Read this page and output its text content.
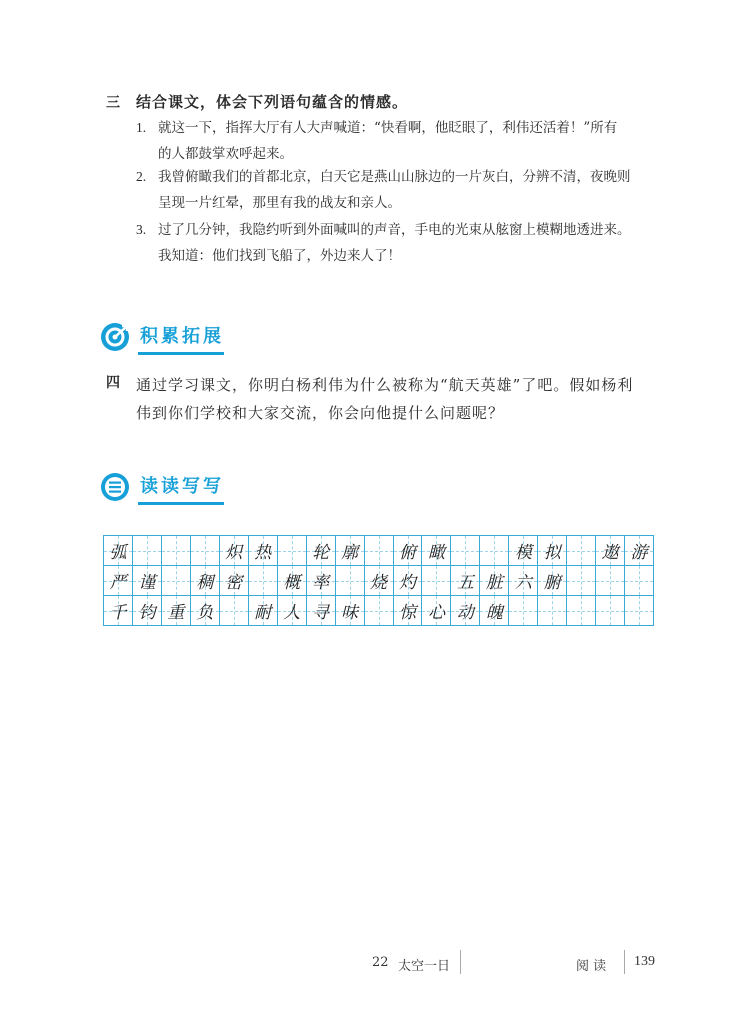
三 结合课文，体会下列语句蕴含的情感。
1. 就这一下，指挥大厅有人大声喊道：“快看啊，他眨眼了，利伟还活着！”所有
的人都鼓掌欢呼起来。
2. 我曾俯瞰我们的首都北京，白天它是燕山山脉边的一片灰白，分辨不清，夜晚则
呈现一片红晕，那里有我的战友和亲人。
3. 过了几分钟，我隐约听到外面喊叫的声音，手电的光束从舷窗上模糊地透进来。
我知道：他们找到飞船了，外边来人了！
积累拓展
四 通过学习课文，你明白杨利伟为什么被称为“航天英雄”了吧。假如杨利
伟到你们学校和大家交流，你会向他提什么问题呢？
读读写写
弧	炽 热 轮 廓 俯 瞰	模 拟 遨 游
严 谨 稠 密 概 率 烧 灼 五 脏 六 腑
千 钧 重 负 耐 人 寻 味 惊 心 动 魄
22 太空一日	阅 读 139
